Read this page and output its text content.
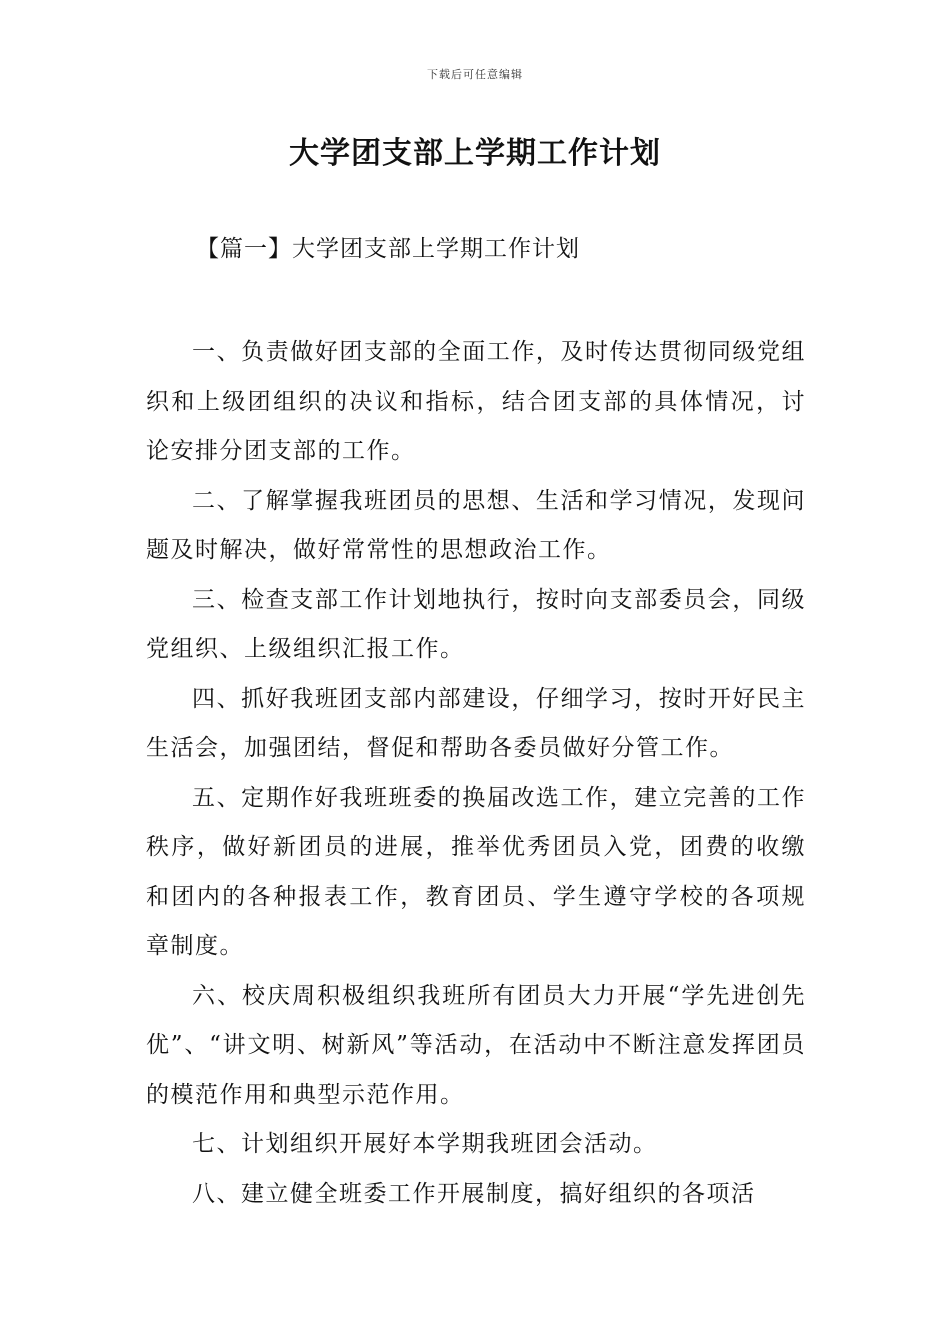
下载后可任意编辑
大学团支部上学期工作计划
【篇一】大学团支部上学期工作计划

一、负责做好团支部的全面工作，及时传达贯彻同级党组织和上级团组织的决议和指标，结合团支部的具体情况，讨论安排分团支部的工作。

二、了解掌握我班团员的思想、生活和学习情况，发现问题及时解决，做好常常性的思想政治工作。

三、检查支部工作计划地执行，按时向支部委员会，同级党组织、上级组织汇报工作。

四、抓好我班团支部内部建设，仔细学习，按时开好民主生活会，加强团结，督促和帮助各委员做好分管工作。

五、定期作好我班班委的换届改选工作，建立完善的工作秩序，做好新团员的进展，推举优秀团员入党，团费的收缴和团内的各种报表工作，教育团员、学生遵守学校的各项规章制度。

六、校庆周积极组织我班所有团员大力开展“学先进创先优”、“讲文明、树新风”等活动，在活动中不断注意发挥团员的模范作用和典型示范作用。

七、计划组织开展好本学期我班团会活动。

八、建立健全班委工作开展制度，搞好组织的各项活
